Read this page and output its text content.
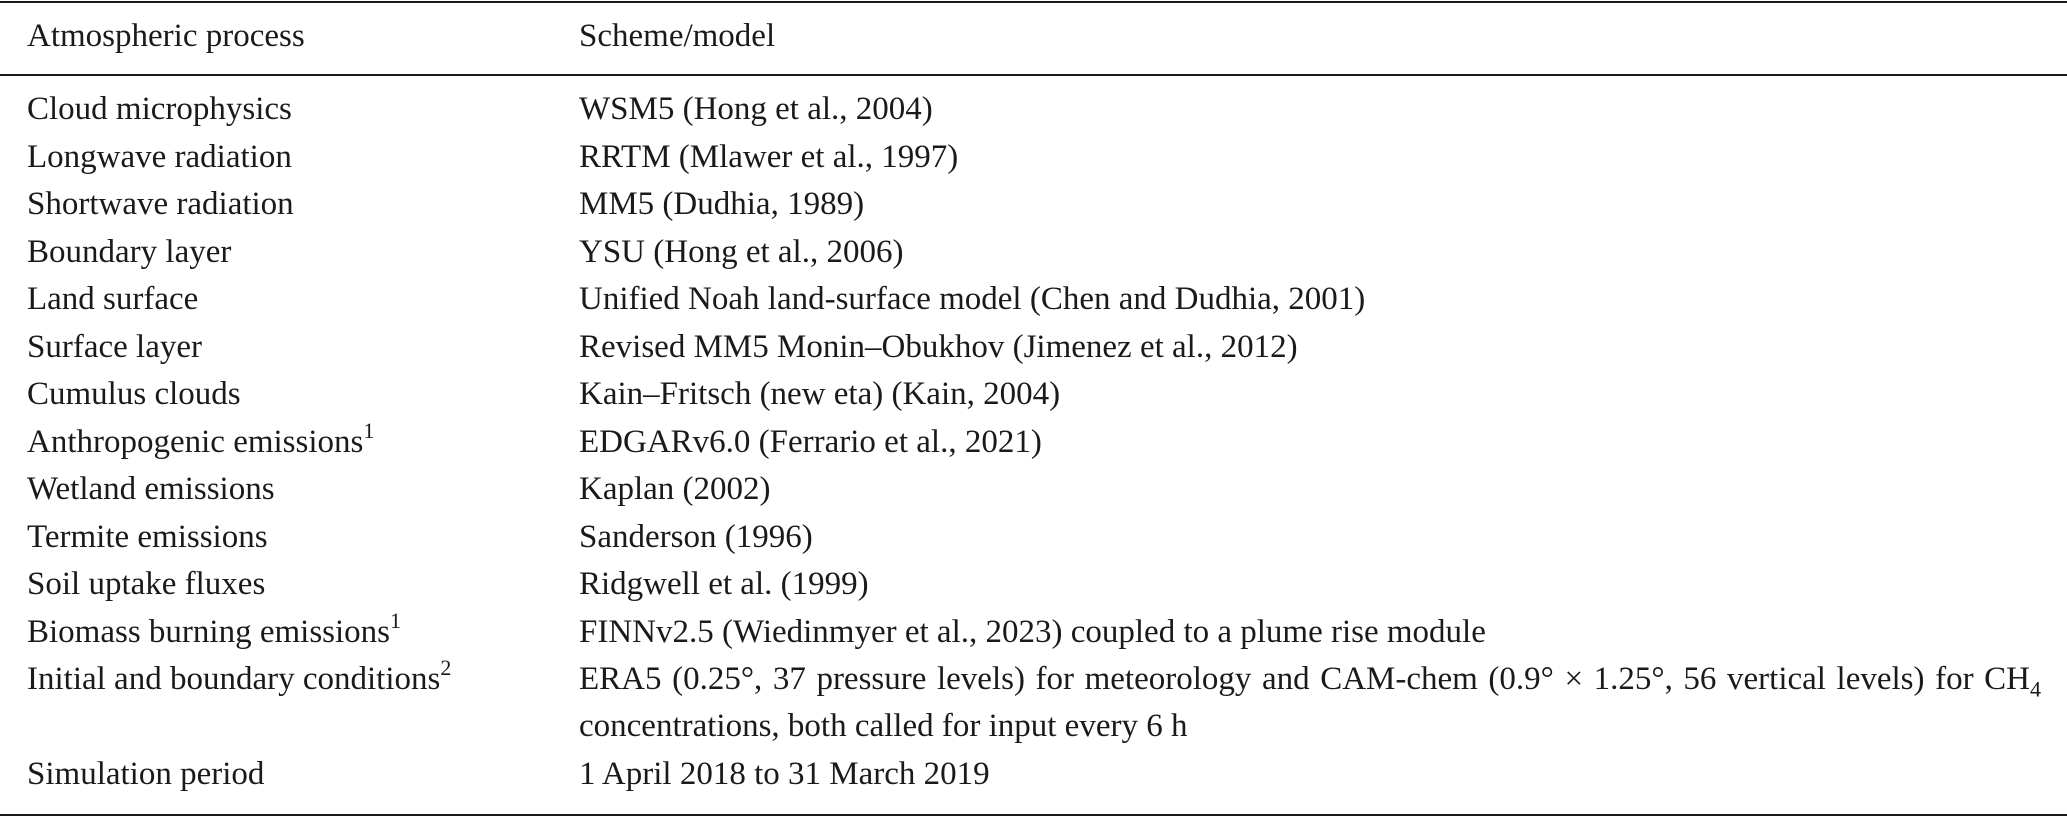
Atmospheric process	Scheme/model
Cloud microphysics	WSM5 (Hong et al., 2004)
Longwave radiation	RRTM (Mlawer et al., 1997)
Shortwave radiation	MM5 (Dudhia, 1989)
Boundary layer	YSU (Hong et al., 2006)
Land surface	Unified Noah land-surface model (Chen and Dudhia, 2001)
Surface layer	Revised MM5 Monin–Obukhov (Jimenez et al., 2012)
Cumulus clouds	Kain–Fritsch (new eta) (Kain, 2004)
Anthropogenic emissions$^1$	EDGARv6.0 (Ferrario et al., 2021)
Wetland emissions	Kaplan (2002)
Termite emissions	Sanderson (1996)
Soil uptake fluxes	Ridgwell et al. (1999)
Biomass burning emissions$^1$	FINNv2.5 (Wiedinmyer et al., 2023) coupled to a plume rise module
Initial and boundary conditions$^2$	ERA5 (0.25°, 37 pressure levels) for meteorology and CAM-chem (0.9° × 1.25°, 56 vertical levels) for $CH_4$ concentrations, both called for input every 6 h
Simulation period	1 April 2018 to 31 March 2019
